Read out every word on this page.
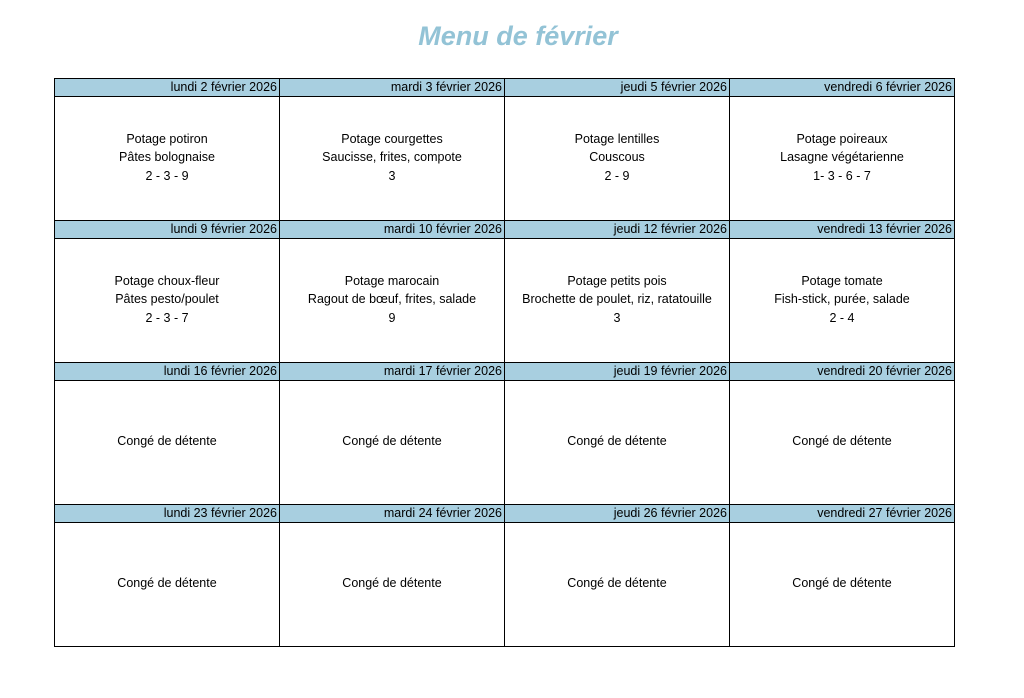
Menu de février
lundi 2 février 2026
Potage potiron
Pâtes bolognaise
2 - 3 - 9
mardi 3 février 2026
Potage courgettes
Saucisse, frites, compote
3
jeudi 5 février 2026
Potage lentilles
Couscous
2 - 9
vendredi 6 février 2026
Potage poireaux
Lasagne végétarienne
1- 3 - 6 - 7
lundi 9 février 2026
Potage choux-fleur
Pâtes pesto/poulet
2 - 3 - 7
mardi 10 février 2026
Potage marocain
Ragout de bœuf, frites, salade
9
jeudi 12 février 2026
Potage petits pois
Brochette de poulet, riz, ratatouille
3
vendredi 13 février 2026
Potage tomate
Fish-stick, purée, salade
2 - 4
lundi 16 février 2026
Congé de détente
mardi 17 février 2026
Congé de détente
jeudi 19 février 2026
Congé de détente
vendredi 20 février 2026
Congé de détente
lundi 23 février 2026
Congé de détente
mardi 24 février 2026
Congé de détente
jeudi 26 février 2026
Congé de détente
vendredi 27 février 2026
Congé de détente
